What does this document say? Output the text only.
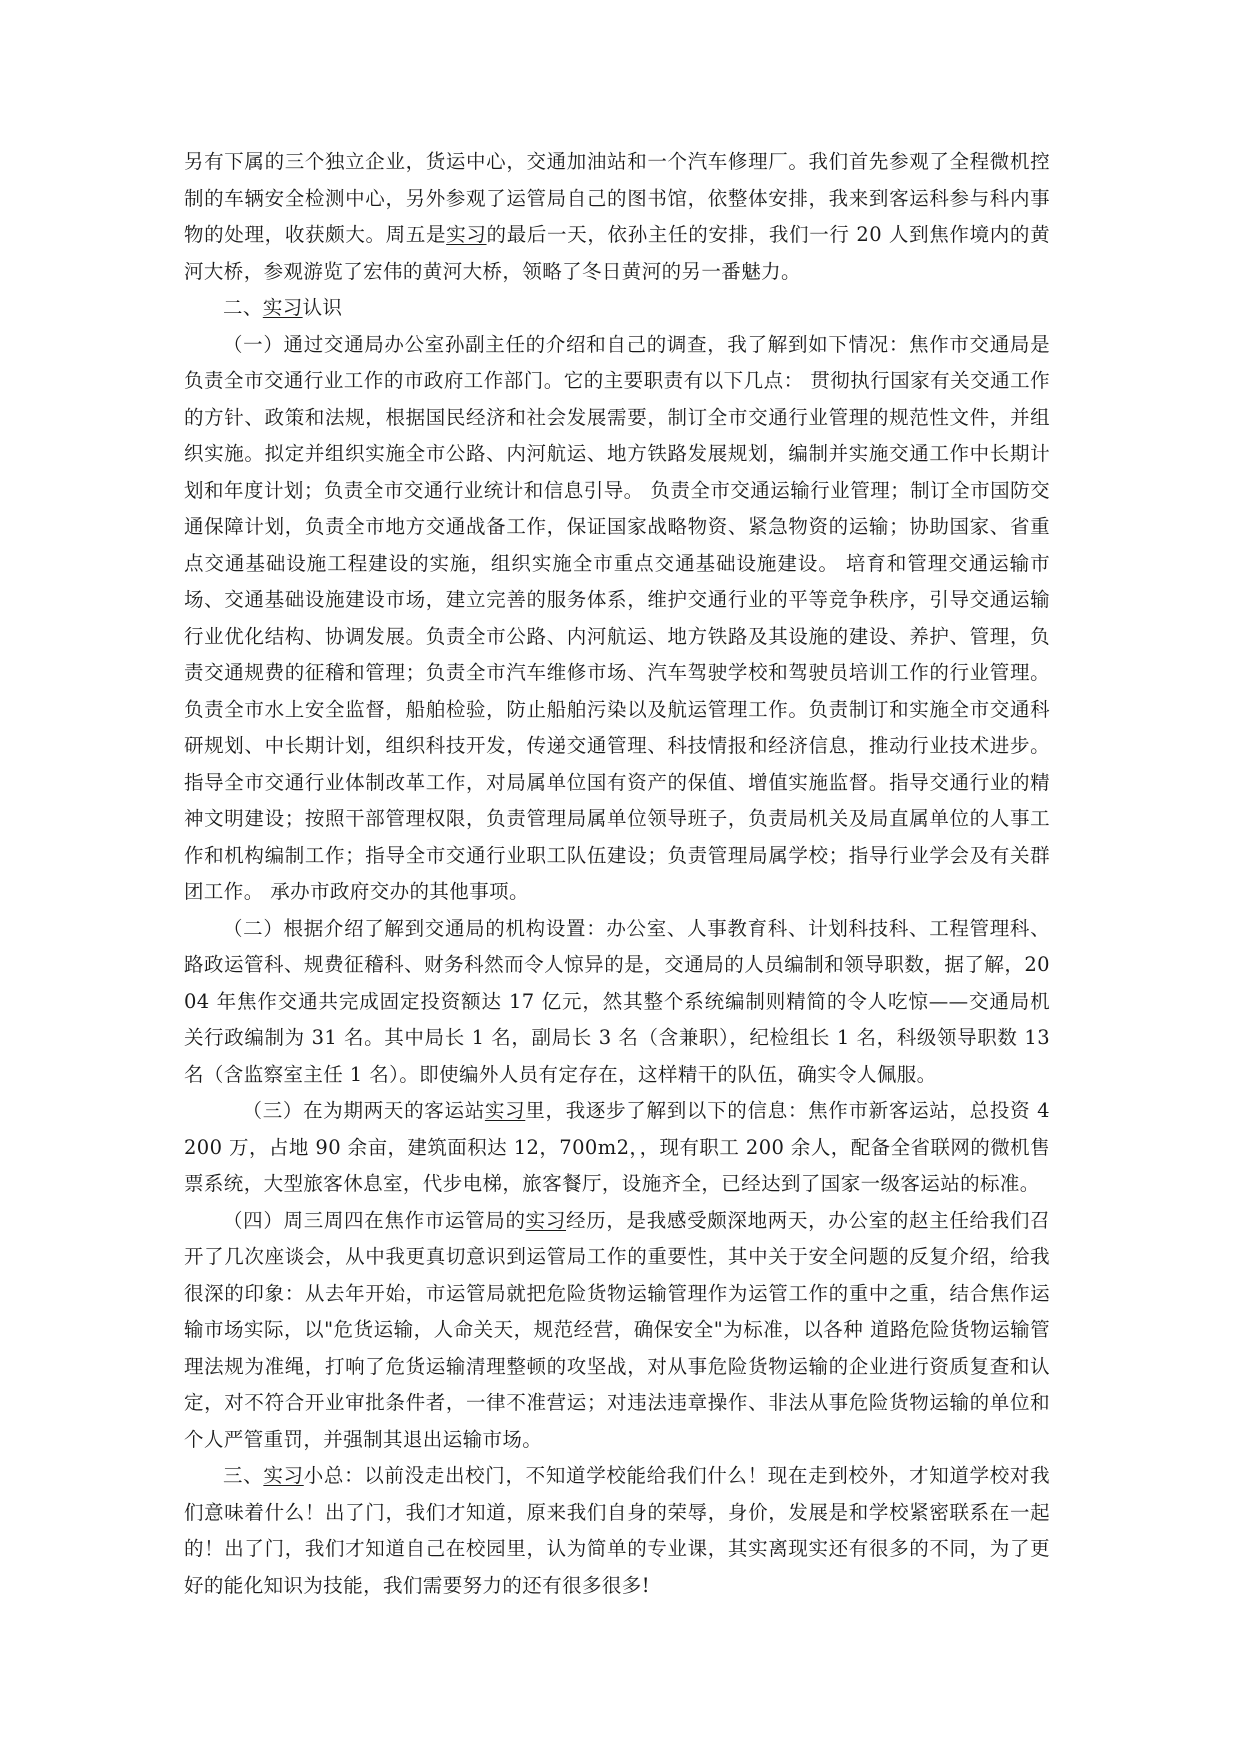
另有下属的三个独立企业，货运中心，交通加油站和一个汽车修理厂。我们首先参观了全程微机控制的车辆安全检测中心，另外参观了运管局自己的图书馆，依整体安排，我来到客运科参与科内事物的处理，收获颇大。周五是实习的最后一天，依孙主任的安排，我们一行 20 人到焦作境内的黄河大桥，参观游览了宏伟的黄河大桥，领略了冬日黄河的另一番魅力。

二、实习认识

（一）通过交通局办公室孙副主任的介绍和自己的调查，我了解到如下情况：焦作市交通局是负责全市交通行业工作的市政府工作部门。它的主要职责有以下几点： 贯彻执行国家有关交通工作的方针、政策和法规，根据国民经济和社会发展需要，制订全市交通行业管理的规范性文件，并组织实施。拟定并组织实施全市公路、内河航运、地方铁路发展规划，编制并实施交通工作中长期计划和年度计划；负责全市交通行业统计和信息引导。 负责全市交通运输行业管理；制订全市国防交通保障计划，负责全市地方交通战备工作，保证国家战略物资、紧急物资的运输；协助国家、省重点交通基础设施工程建设的实施，组织实施全市重点交通基础设施建设。 培育和管理交通运输市场、交通基础设施建设市场，建立完善的服务体系，维护交通行业的平等竞争秩序，引导交通运输行业优化结构、协调发展。负责全市公路、内河航运、地方铁路及其设施的建设、养护、管理，负责交通规费的征稽和管理；负责全市汽车维修市场、汽车驾驶学校和驾驶员培训工作的行业管理。负责全市水上安全监督，船舶检验，防止船舶污染以及航运管理工作。负责制订和实施全市交通科研规划、中长期计划，组织科技开发，传递交通管理、科技情报和经济信息，推动行业技术进步。指导全市交通行业体制改革工作，对局属单位国有资产的保值、增值实施监督。指导交通行业的精神文明建设；按照干部管理权限，负责管理局属单位领导班子，负责局机关及局直属单位的人事工作和机构编制工作；指导全市交通行业职工队伍建设；负责管理局属学校；指导行业学会及有关群团工作。 承办市政府交办的其他事项。

（二）根据介绍了解到交通局的机构设置：办公室、人事教育科、计划科技科、工程管理科、路政运管科、规费征稽科、财务科然而令人惊异的是，交通局的人员编制和领导职数，据了解，2004 年焦作交通共完成固定投资额达 17 亿元，然其整个系统编制则精简的令人吃惊——交通局机关行政编制为 31 名。其中局长 1 名，副局长 3 名（含兼职），纪检组长 1 名，科级领导职数 13 名（含监察室主任 1 名）。即使编外人员有定存在，这样精干的队伍，确实令人佩服。

（三）在为期两天的客运站实习里，我逐步了解到以下的信息：焦作市新客运站，总投资 4200 万，占地 90 余亩，建筑面积达 12，700m2，，现有职工 200 余人，配备全省联网的微机售票系统，大型旅客休息室，代步电梯，旅客餐厅，设施齐全，已经达到了国家一级客运站的标准。

（四）周三周四在焦作市运管局的实习经历，是我感受颇深地两天，办公室的赵主任给我们召开了几次座谈会，从中我更真切意识到运管局工作的重要性，其中关于安全问题的反复介绍，给我很深的印象：从去年开始，市运管局就把危险货物运输管理作为运管工作的重中之重，结合焦作运输市场实际，以"危货运输，人命关天，规范经营，确保安全"为标准，以各种 道路危险货物运输管理法规为准绳，打响了危货运输清理整顿的攻坚战，对从事危险货物运输的企业进行资质复查和认定，对不符合开业审批条件者，一律不准营运；对违法违章操作、非法从事危险货物运输的单位和个人严管重罚，并强制其退出运输市场。

三、实习小总：以前没走出校门，不知道学校能给我们什么！现在走到校外，才知道学校对我们意味着什么！出了门，我们才知道，原来我们自身的荣辱，身价，发展是和学校紧密联系在一起的！出了门，我们才知道自己在校园里，认为简单的专业课，其实离现实还有很多的不同，为了更好的能化知识为技能，我们需要努力的还有很多很多!
